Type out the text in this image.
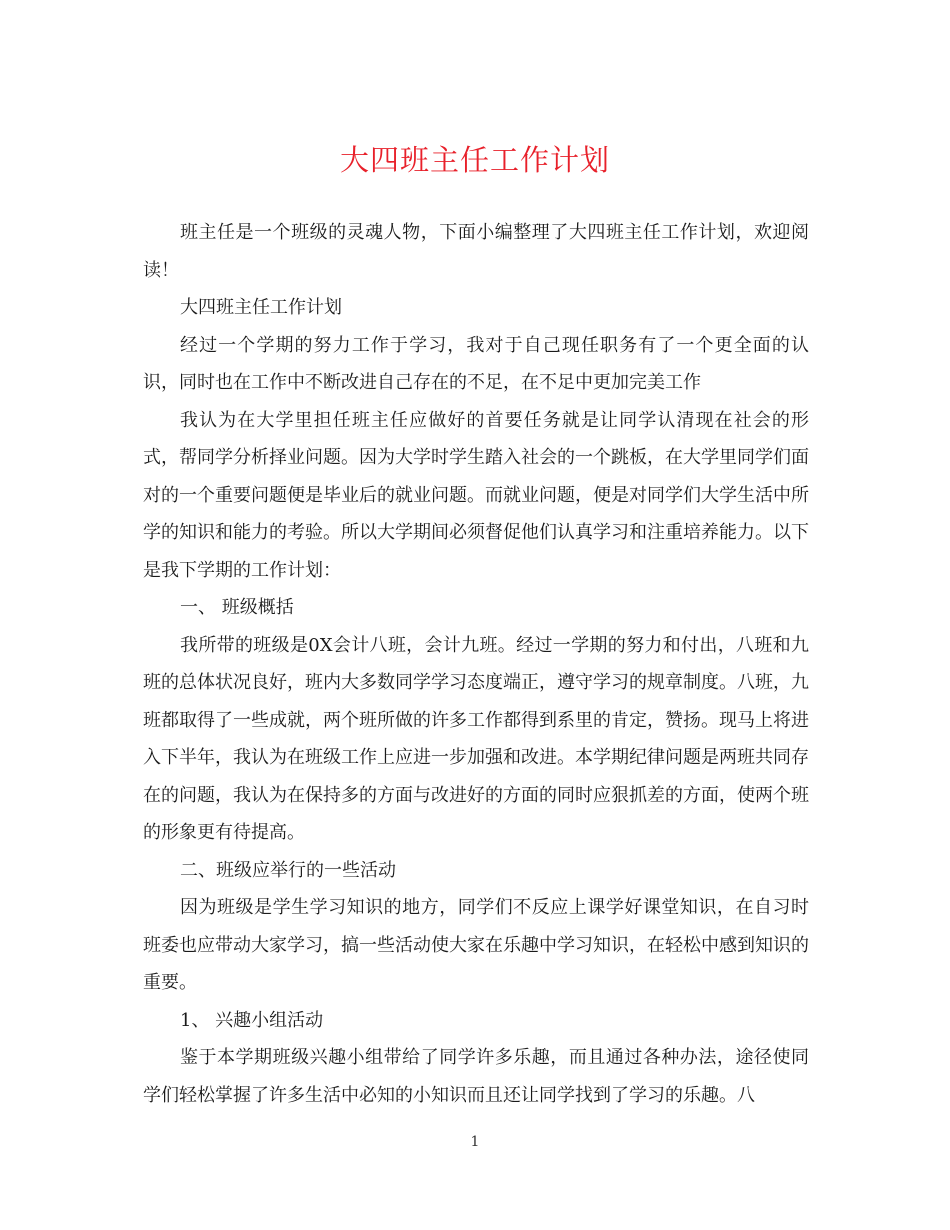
大四班主任工作计划

班主任是一个班级的灵魂人物，下面小编整理了大四班主任工作计划，欢迎阅读！

大四班主任工作计划

经过一个学期的努力工作于学习，我对于自己现任职务有了一个更全面的认识，同时也在工作中不断改进自己存在的不足，在不足中更加完美工作

我认为在大学里担任班主任应做好的首要任务就是让同学认清现在社会的形式，帮同学分析择业问题。因为大学时学生踏入社会的一个跳板，在大学里同学们面对的一个重要问题便是毕业后的就业问题。而就业问题，便是对同学们大学生活中所学的知识和能力的考验。所以大学期间必须督促他们认真学习和注重培养能力。以下是我下学期的工作计划：

一、 班级概括

我所带的班级是0X会计八班，会计九班。经过一学期的努力和付出，八班和九班的总体状况良好，班内大多数同学学习态度端正，遵守学习的规章制度。八班，九班都取得了一些成就，两个班所做的许多工作都得到系里的肯定，赞扬。现马上将进入下半年，我认为在班级工作上应进一步加强和改进。本学期纪律问题是两班共同存在的问题，我认为在保持多的方面与改进好的方面的同时应狠抓差的方面，使两个班的形象更有待提高。

二、班级应举行的一些活动

因为班级是学生学习知识的地方，同学们不反应上课学好课堂知识，在自习时班委也应带动大家学习，搞一些活动使大家在乐趣中学习知识，在轻松中感到知识的重要。

1、 兴趣小组活动

鉴于本学期班级兴趣小组带给了同学许多乐趣，而且通过各种办法，途径使同学们轻松掌握了许多生活中必知的小知识而且还让同学找到了学习的乐趣。八

1
